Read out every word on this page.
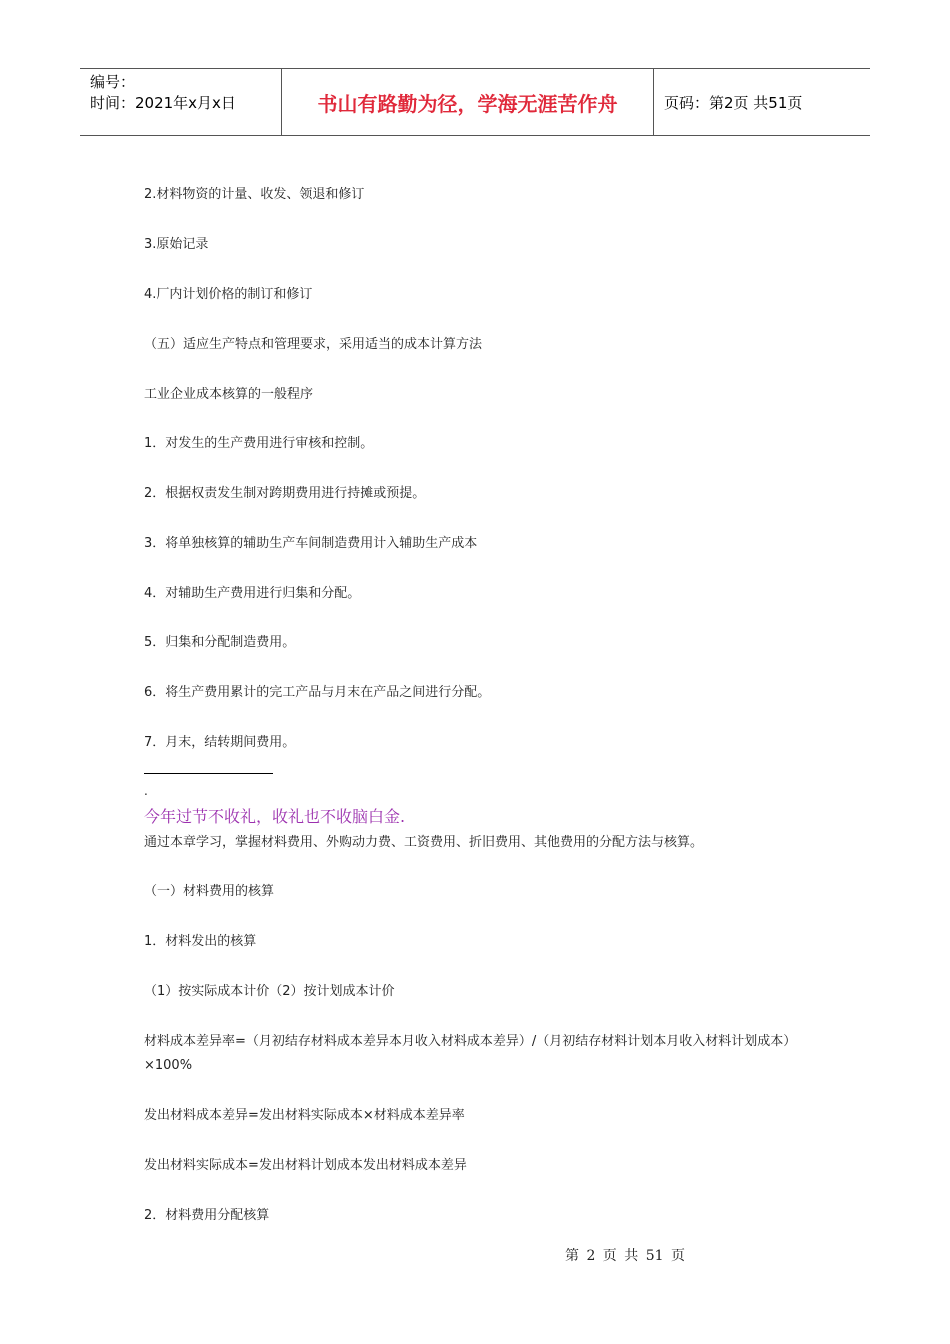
编号：
时间：2021年x月x日	书山有路勤为径，学海无涯苦作舟	页码：第2页 共51页
2.材料物资的计量、收发、领退和修订
3.原始记录
4.厂内计划价格的制订和修订
（五）适应生产特点和管理要求，采用适当的成本计算方法
工业企业成本核算的一般程序
1．对发生的生产费用进行审核和控制。
2．根据权责发生制对跨期费用进行持摊或预提。
3．将单独核算的辅助生产车间制造费用计入辅助生产成本
4．对辅助生产费用进行归集和分配。
5．归集和分配制造费用。
6．将生产费用累计的完工产品与月末在产品之间进行分配。
7．月末，结转期间费用。
.
今年过节不收礼，收礼也不收脑白金.
通过本章学习，掌握材料费用、外购动力费、工资费用、折旧费用、其他费用的分配方法与核算。
（一）材料费用的核算
1．材料发出的核算
（1）按实际成本计价（2）按计划成本计价
材料成本差异率=（月初结存材料成本差异本月收入材料成本差异）/（月初结存材料计划本月收入材料计划成本）×100%
发出材料成本差异=发出材料实际成本×材料成本差异率
发出材料实际成本=发出材料计划成本发出材料成本差异
2．材料费用分配核算
第 2 页 共 51 页
